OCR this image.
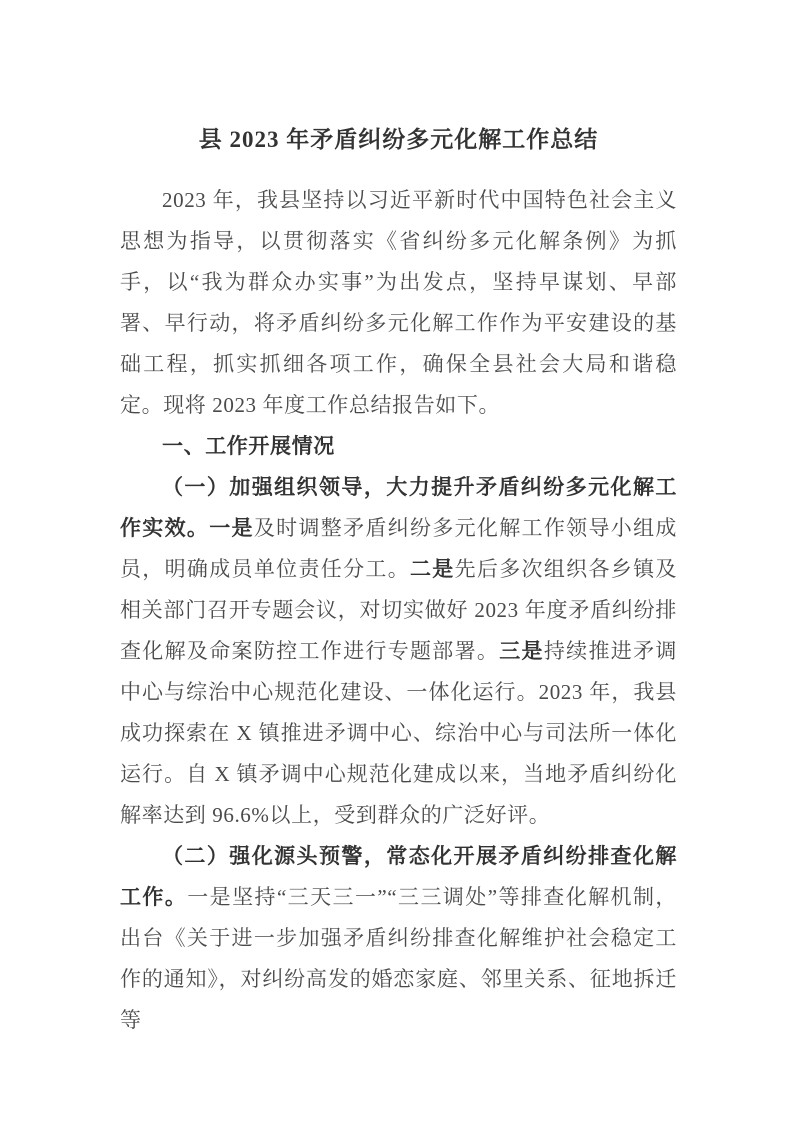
县 2023 年矛盾纠纷多元化解工作总结

2023 年，我县坚持以习近平新时代中国特色社会主义思想为指导，以贯彻落实《省纠纷多元化解条例》为抓手，以“我为群众办实事”为出发点，坚持早谋划、早部署、早行动，将矛盾纠纷多元化解工作作为平安建设的基础工程，抓实抓细各项工作，确保全县社会大局和谐稳定。现将 2023 年度工作总结报告如下。

一、工作开展情况

（一）加强组织领导，大力提升矛盾纠纷多元化解工作实效。一是及时调整矛盾纠纷多元化解工作领导小组成员，明确成员单位责任分工。二是先后多次组织各乡镇及相关部门召开专题会议，对切实做好 2023 年度矛盾纠纷排查化解及命案防控工作进行专题部署。三是持续推进矛调中心与综治中心规范化建设、一体化运行。2023 年，我县成功探索在 X 镇推进矛调中心、综治中心与司法所一体化运行。自 X 镇矛调中心规范化建成以来，当地矛盾纠纷化解率达到 96.6%以上，受到群众的广泛好评。

（二）强化源头预警，常态化开展矛盾纠纷排查化解工作。一是坚持“三天三一”“三三调处”等排查化解机制，出台《关于进一步加强矛盾纠纷排查化解维护社会稳定工作的通知》，对纠纷高发的婚恋家庭、邻里关系、征地拆迁等
